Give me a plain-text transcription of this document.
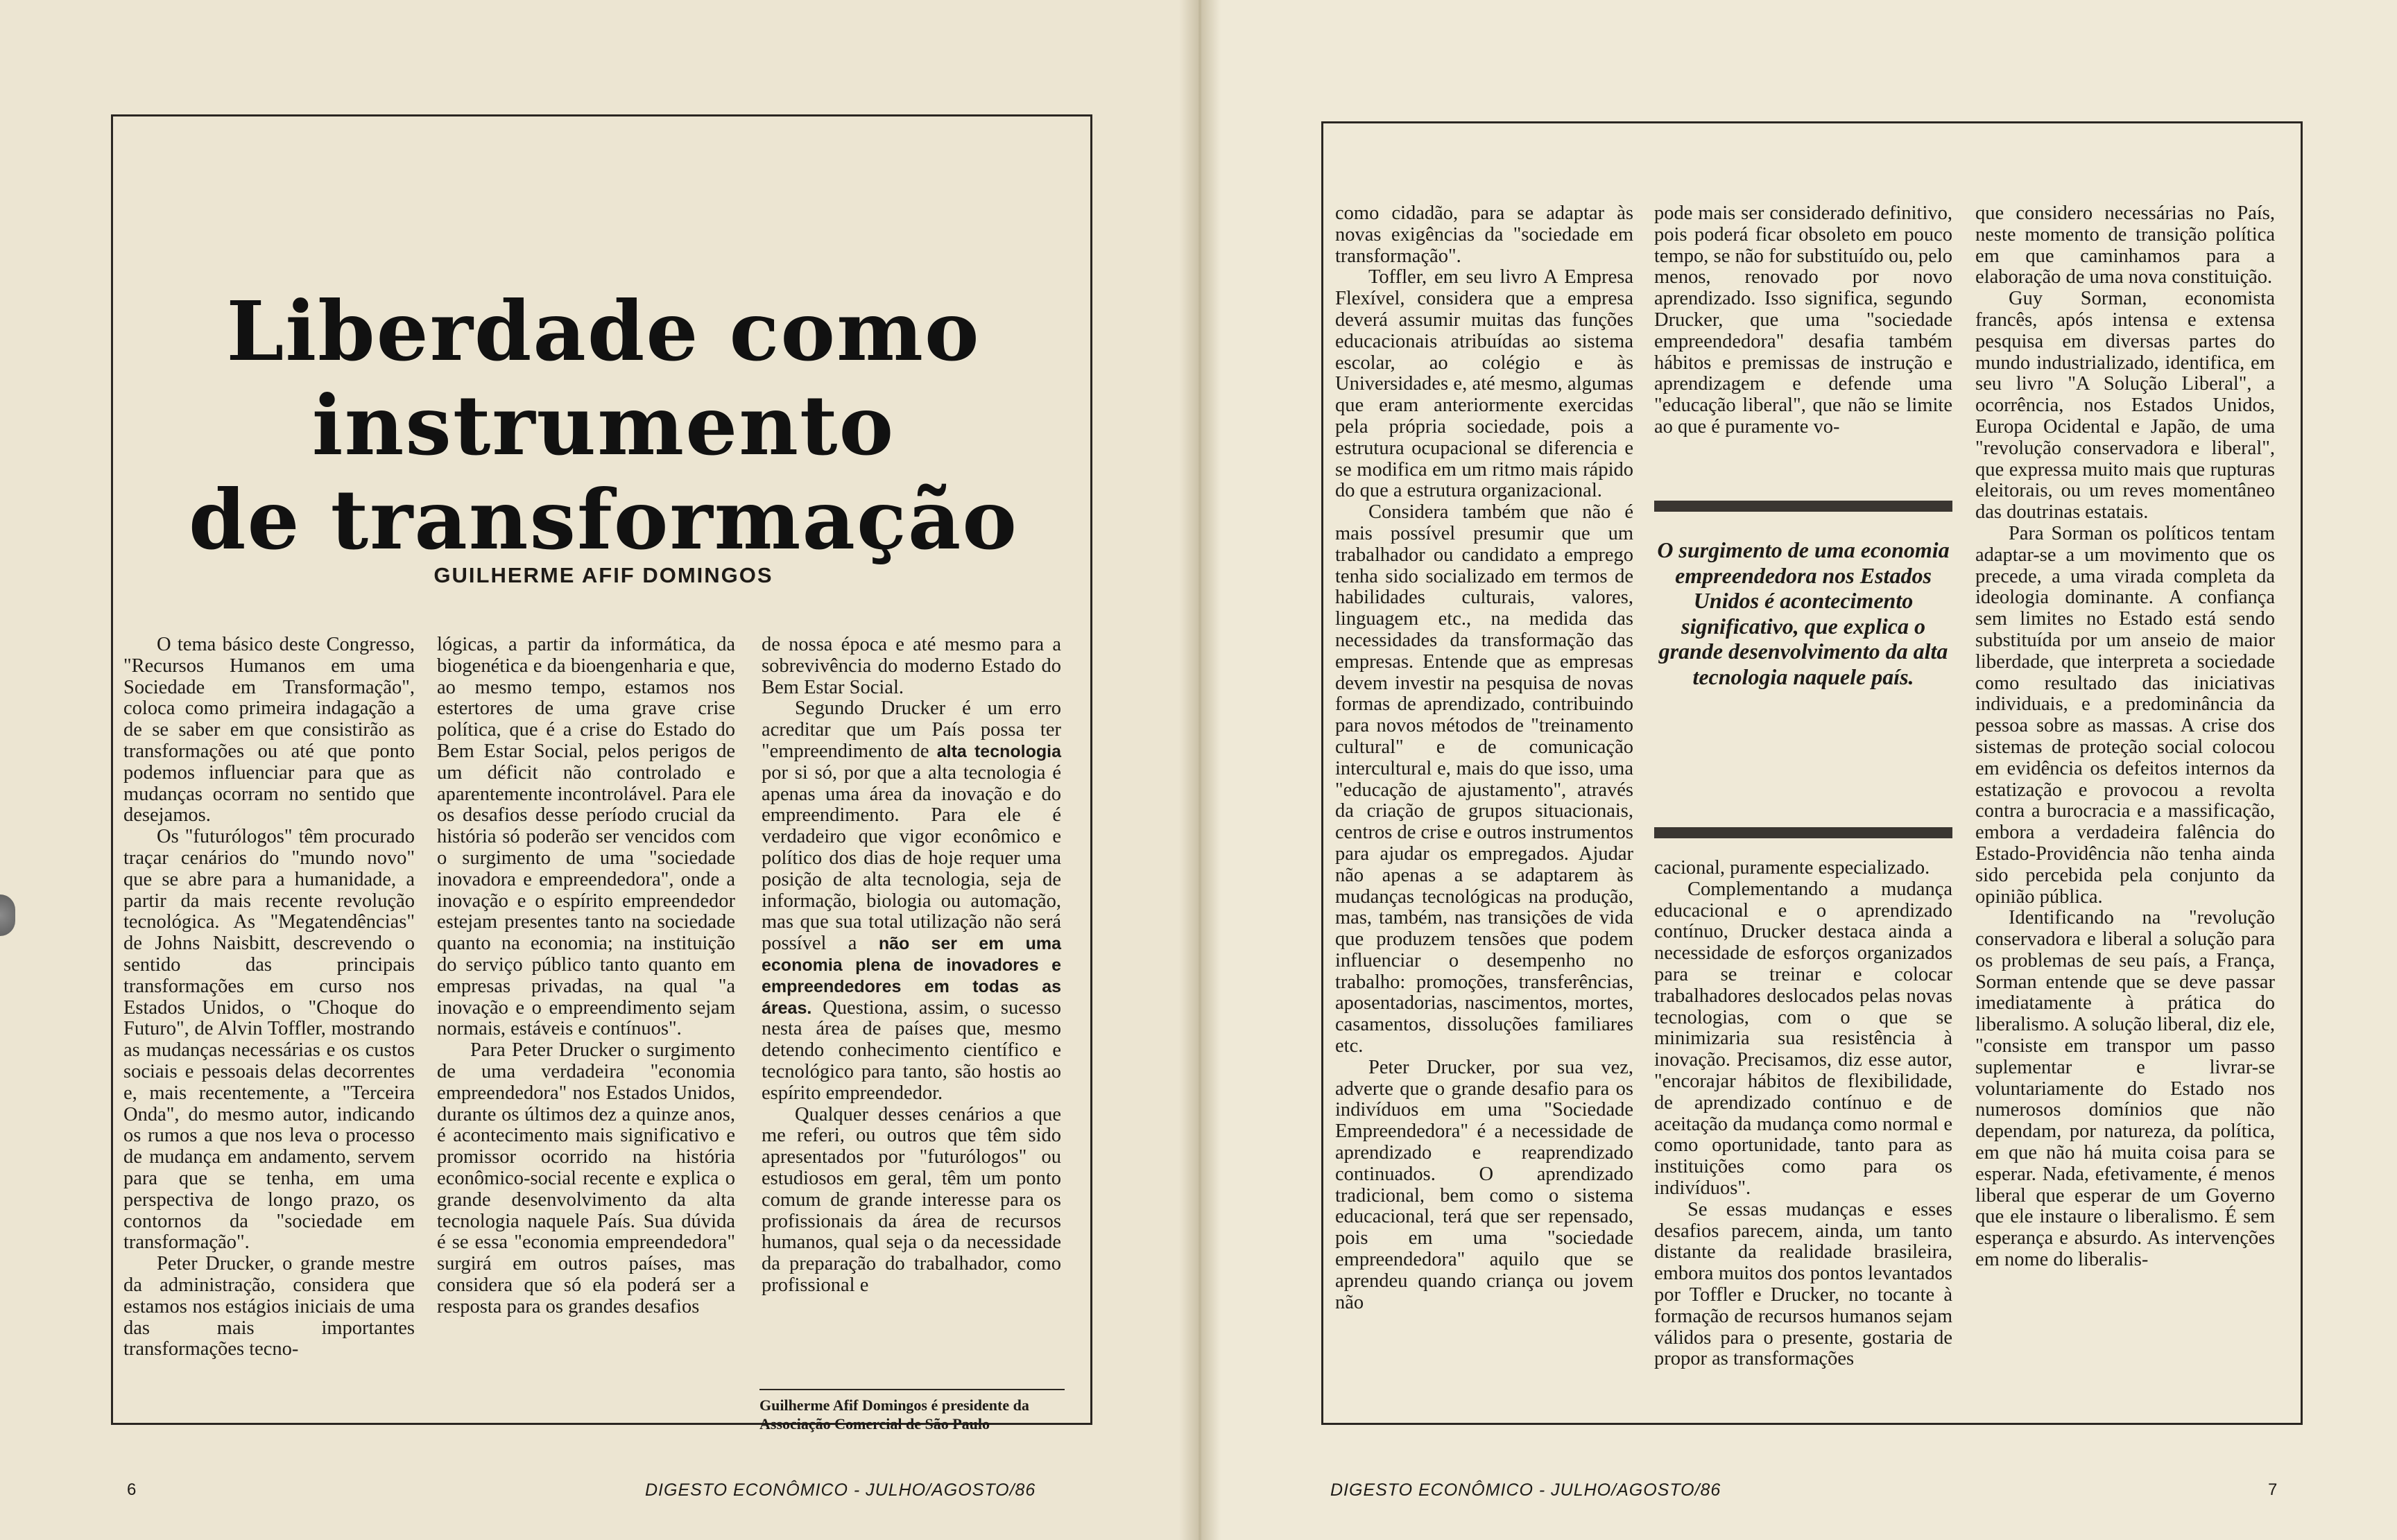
Liberdade como
instrumento
de transformação
GUILHERME AFIF DOMINGOS

O tema básico deste Congresso, "Recursos Humanos em uma Sociedade em Transformação", coloca como primeira indagação a de se saber em que consistirão as transformações ou até que ponto podemos influenciar para que as mudanças ocorram no sentido que desejamos.

Os "futurólogos" têm procurado traçar cenários do "mundo novo" que se abre para a humanidade, a partir da mais recente revolução tecnológica. As "Megatendências" de Johns Naisbitt, descrevendo o sentido das principais transformações em curso nos Estados Unidos, o "Choque do Futuro", de Alvin Toffler, mostrando as mudanças necessárias e os custos sociais e pessoais delas decorrentes e, mais recentemente, a "Terceira Onda", do mesmo autor, indicando os rumos a que nos leva o processo de mudança em andamento, servem para que se tenha, em uma perspectiva de longo prazo, os contornos da "sociedade em transformação".

Peter Drucker, o grande mestre da administração, considera que estamos nos estágios iniciais de uma das mais importantes transformações tecno-

lógicas, a partir da informática, da biogenética e da bioengenharia e que, ao mesmo tempo, estamos nos estertores de uma grave crise política, que é a crise do Estado do Bem Estar Social, pelos perigos de um déficit não controlado e aparentemente incontrolável. Para ele os desafios desse período crucial da história só poderão ser vencidos com o surgimento de uma "sociedade inovadora e empreendedora", onde a inovação e o espírito empreendedor estejam presentes tanto na sociedade quanto na economia; na instituição do serviço público tanto quanto em empresas privadas, na qual "a inovação e o empreendimento sejam normais, estáveis e contínuos".

Para Peter Drucker o surgimento de uma verdadeira "economia empreendedora" nos Estados Unidos, durante os últimos dez a quinze anos, é acontecimento mais significativo e promissor ocorrido na história econômico-social recente e explica o grande desenvolvimento da alta tecnologia naquele País. Sua dúvida é se essa "economia empreendedora" surgirá em outros países, mas considera que só ela poderá ser a resposta para os grandes desafios

de nossa época e até mesmo para a sobrevivência do moderno Estado do Bem Estar Social.

Segundo Drucker é um erro acreditar que um País possa ter "empreendimento de alta tecnologia por si só, por que a alta tecnologia é apenas uma área da inovação e do empreendimento. Para ele é verdadeiro que vigor econômico e político dos dias de hoje requer uma posição de alta tecnologia, seja de informação, biologia ou automação, mas que sua total utilização não será possível a não ser em uma economia plena de inovadores e empreendedores em todas as áreas. Questiona, assim, o sucesso nesta área de países que, mesmo detendo conhecimento científico e tecnológico para tanto, são hostis ao espírito empreendedor.

Qualquer desses cenários a que me referi, ou outros que têm sido apresentados por "futurólogos" ou estudiosos em geral, têm um ponto comum de grande interesse para os profissionais da área de recursos humanos, qual seja o da necessidade da preparação do trabalhador, como profissional e

Guilherme Afif Domingos é presidente da Associação Comercial de São Paulo
6	DIGESTO ECONÔMICO - JULHO/AGOSTO/86

como cidadão, para se adaptar às novas exigências da "sociedade em transformação".

Toffler, em seu livro A Empresa Flexível, considera que a empresa deverá assumir muitas das funções educacionais atribuídas ao sistema escolar, ao colégio e às Universidades e, até mesmo, algumas que eram anteriormente exercidas pela própria sociedade, pois a estrutura ocupacional se diferencia e se modifica em um ritmo mais rápido do que a estrutura organizacional.

Considera também que não é mais possível presumir que um trabalhador ou candidato a emprego tenha sido socializado em termos de habilidades culturais, valores, linguagem etc., na medida das necessidades da transformação das empresas. Entende que as empresas devem investir na pesquisa de novas formas de aprendizado, contribuindo para novos métodos de "treinamento cultural" e de comunicação intercultural e, mais do que isso, uma "educação de ajustamento", através da criação de grupos situacionais, centros de crise e outros instrumentos para ajudar os empregados. Ajudar não apenas a se adaptarem às mudanças tecnológicas na produção, mas, também, nas transições de vida que produzem tensões que podem influenciar o desempenho no trabalho: promoções, transferências, aposentadorias, nascimentos, mortes, casamentos, dissoluções familiares etc.

Peter Drucker, por sua vez, adverte que o grande desafio para os indivíduos em uma "Sociedade Empreendedora" é a necessidade de aprendizado e reaprendizado continuados. O aprendizado tradicional, bem como o sistema educacional, terá que ser repensado, pois em uma "sociedade empreendedora" aquilo que se aprendeu quando criança ou jovem não

pode mais ser considerado definitivo, pois poderá ficar obsoleto em pouco tempo, se não for substituído ou, pelo menos, renovado por novo aprendizado. Isso significa, segundo Drucker, que uma "sociedade empreendedora" desafia também hábitos e premissas de instrução e aprendizagem e defende uma "educação liberal", que não se limite ao que é puramente vo-

O surgimento de uma economia empreendedora nos Estados Unidos é acontecimento significativo, que explica o grande desenvolvimento da alta tecnologia naquele país.

cacional, puramente especializado.

Complementando a mudança educacional e o aprendizado contínuo, Drucker destaca ainda a necessidade de esforços organizados para se treinar e colocar trabalhadores deslocados pelas novas tecnologias, com o que se minimizaria sua resistência à inovação. Precisamos, diz esse autor, "encorajar hábitos de flexibilidade, de aprendizado contínuo e de aceitação da mudança como normal e como oportunidade, tanto para as instituições como para os indivíduos".

Se essas mudanças e esses desafios parecem, ainda, um tanto distante da realidade brasileira, embora muitos dos pontos levantados por Toffler e Drucker, no tocante à formação de recursos humanos sejam válidos para o presente, gostaria de propor as transformações

que considero necessárias no País, neste momento de transição política em que caminhamos para a elaboração de uma nova constituição.

Guy Sorman, economista francês, após intensa e extensa pesquisa em diversas partes do mundo industrializado, identifica, em seu livro "A Solução Liberal", a ocorrência, nos Estados Unidos, Europa Ocidental e Japão, de uma "revolução conservadora e liberal", que expressa muito mais que rupturas eleitorais, ou um reves momentâneo das doutrinas estatais.

Para Sorman os políticos tentam adaptar-se a um movimento que os precede, a uma virada completa da ideologia dominante. A confiança sem limites no Estado está sendo substituída por um anseio de maior liberdade, que interpreta a sociedade como resultado das iniciativas individuais, e a predominância da pessoa sobre as massas. A crise dos sistemas de proteção social colocou em evidência os defeitos internos da estatização e provocou a revolta contra a burocracia e a massificação, embora a verdadeira falência do Estado-Providência não tenha ainda sido percebida pela conjunto da opinião pública.

Identificando na "revolução conservadora e liberal a solução para os problemas de seu país, a França, Sorman entende que se deve passar imediatamente à prática do liberalismo. A solução liberal, diz ele, "consiste em transpor um passo suplementar e livrar-se voluntariamente do Estado nos numerosos domínios que não dependam, por natureza, da política, em que não há muita coisa para se esperar. Nada, efetivamente, é menos liberal que esperar de um Governo que ele instaure o liberalismo. É sem esperança e absurdo. As intervenções em nome do liberalis-

DIGESTO ECONÔMICO - JULHO/AGOSTO/86	7
